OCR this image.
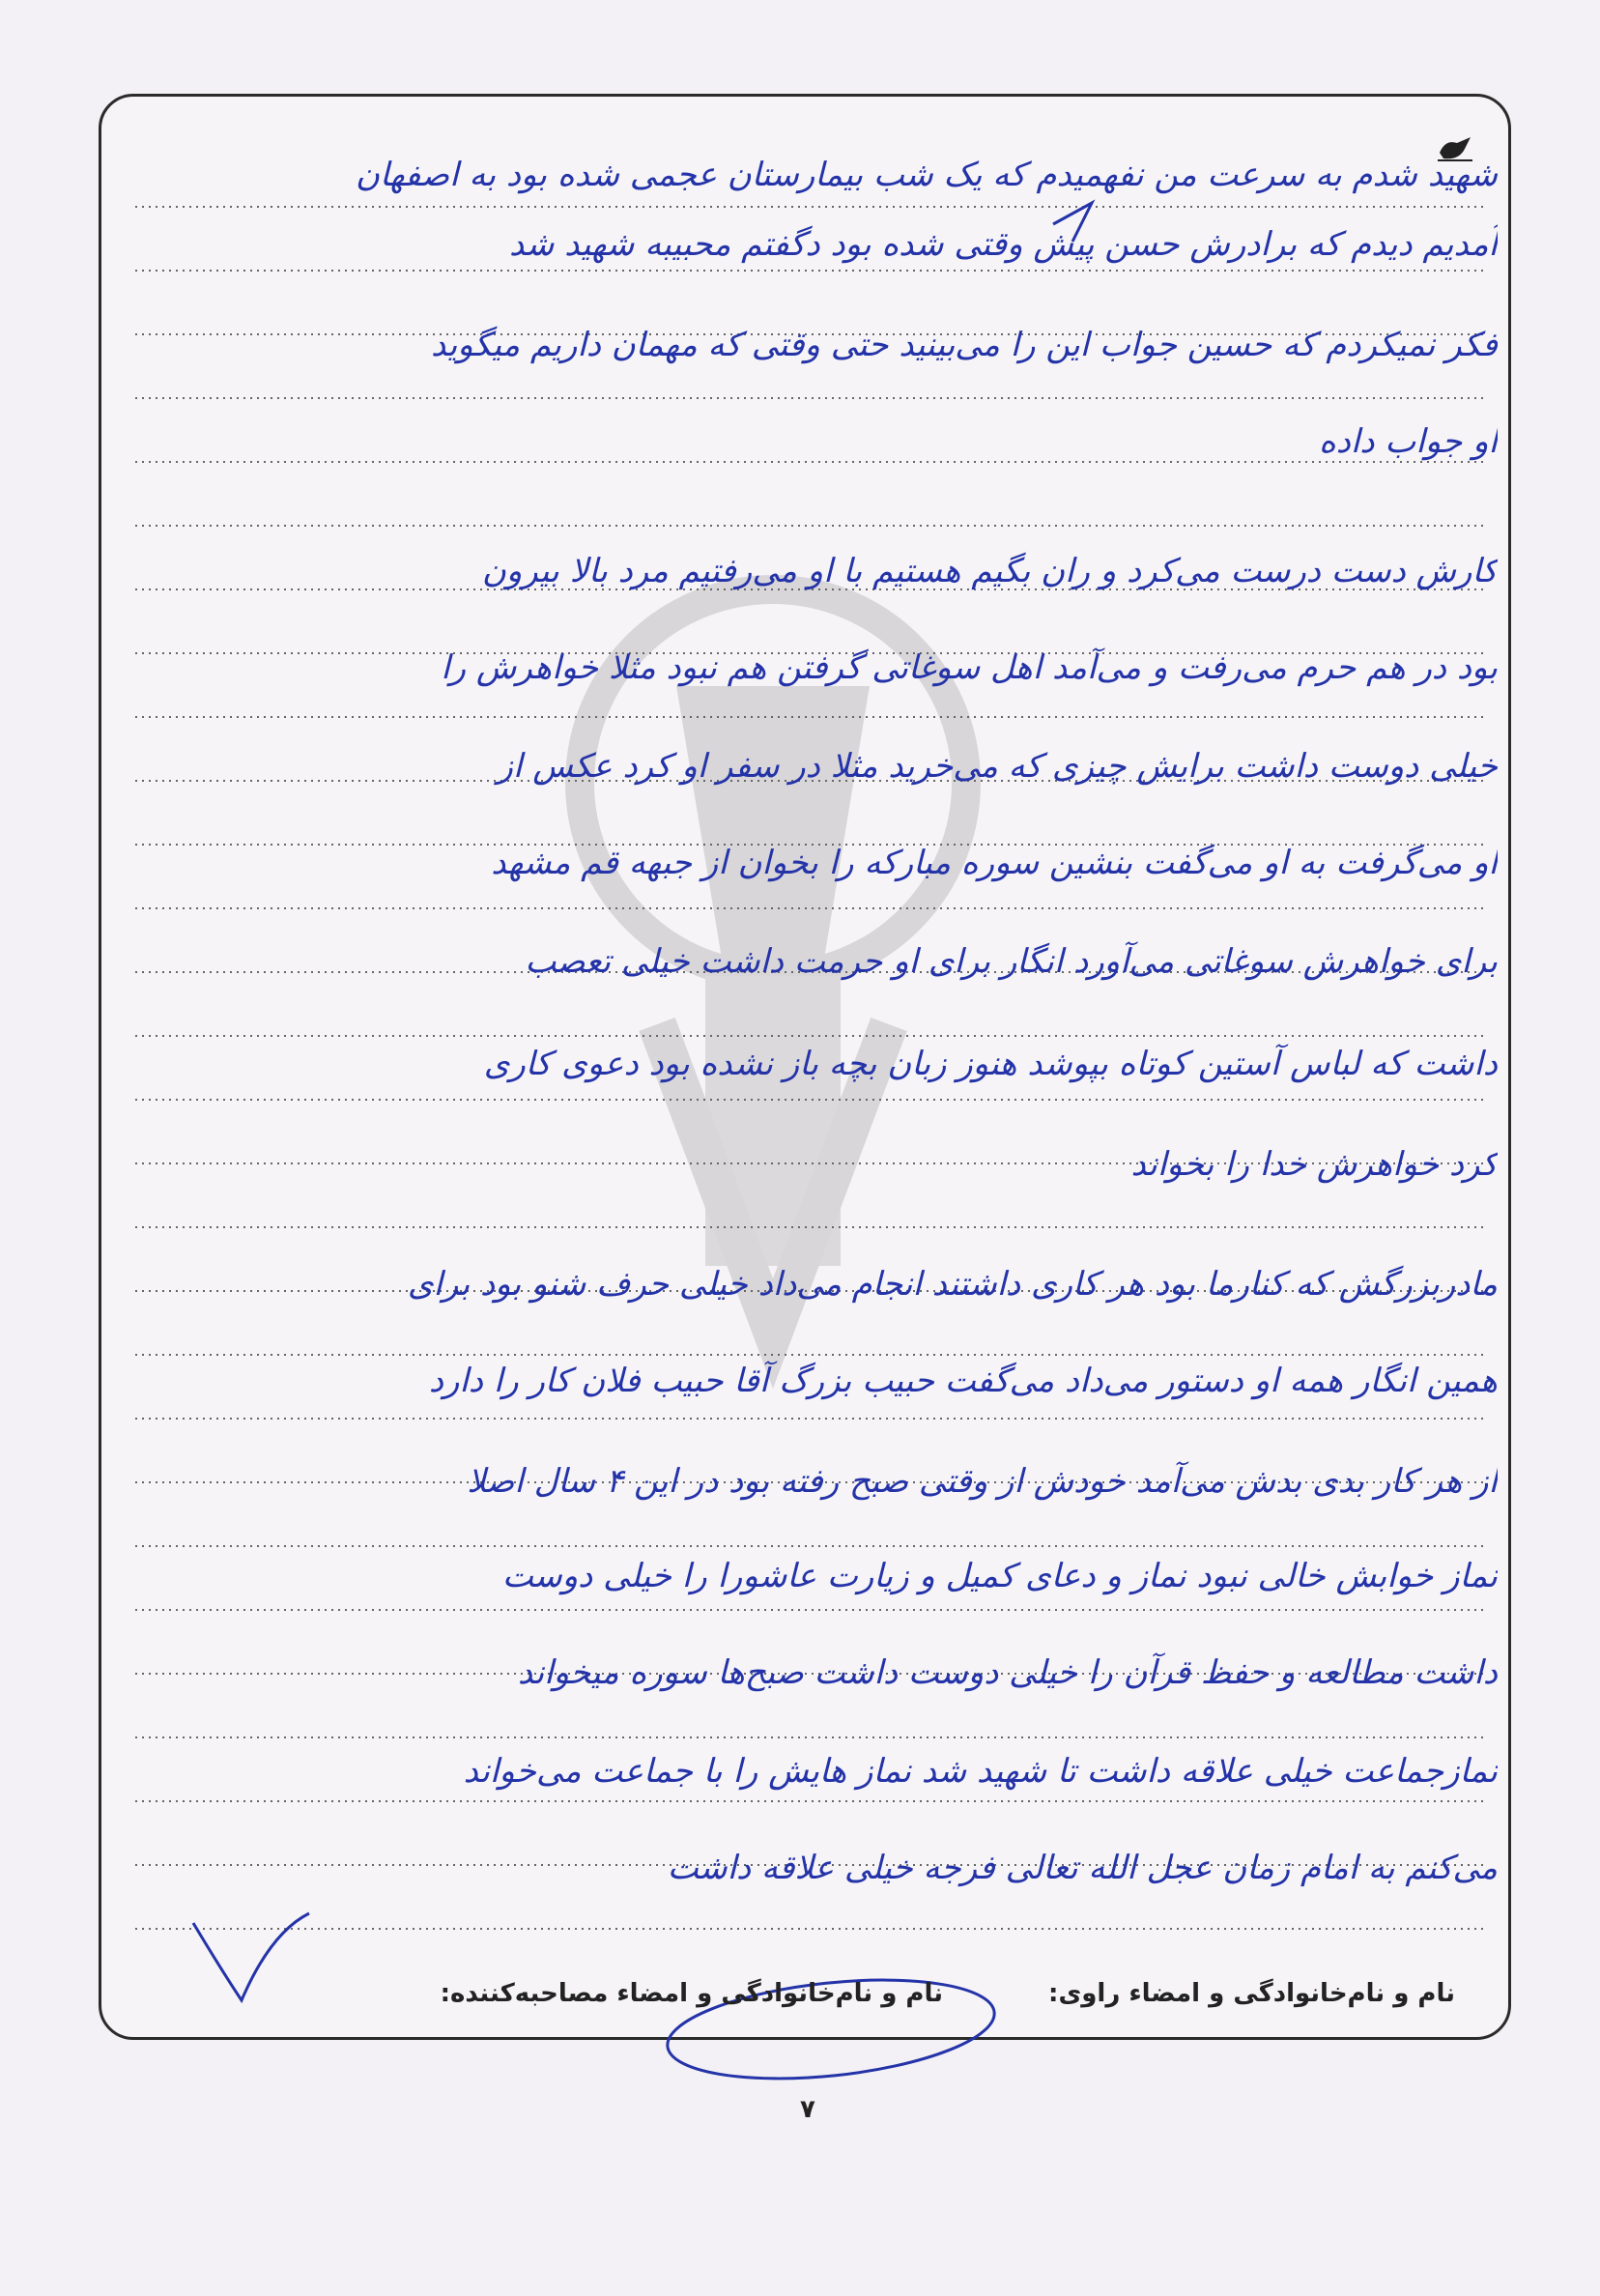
شهید شدم به سرعت من نفهمیدم که یک شب بیمارستان عجمی شده بود به اصفهان
آمدیم دیدم که برادرش حسن پیش وقتی شده بود دگفتم محبیبه شهید شد
فکر نمیکردم که حسین جواب این را می‌بینید حتی وقتی که مهمان داریم میگوید
او جواب داده
کارش دست درست می‌کرد و ران بگیم هستیم با او می‌رفتیم مرد بالا بیرون
بود در هم حرم می‌رفت و می‌آمد اهل سوغاتی گرفتن هم نبود مثلا خواهرش را
خیلی دوست داشت برایش چیزی که می‌خرید مثلا در سفر او کرد عکس از
او می‌گرفت به او می‌گفت بنشین سوره مبارکه را بخوان از جبهه قم مشهد
برای خواهرش سوغاتی می‌آورد انگار برای او حرمت داشت خیلی تعصب
داشت که لباس آستین کوتاه بپوشد هنوز زبان بچه باز نشده بود دعوی کاری
کرد خواهرش خدا را بخواند
مادربزرگش که کنارما بود هر کاری داشتند انجام می‌داد خیلی حرف شنو بود برای
همین انگار همه او دستور می‌داد می‌گفت حبیب بزرگ آقا حبیب فلان کار را دارد
از هر کار بدی بدش می‌آمد خودش از وقتی صبح رفته بود در این ۴ سال اصلا
نماز خوابش خالی نبود نماز و دعای کمیل و زیارت عاشورا را خیلی دوست
داشت مطالعه و حفظ قرآن را خیلی دوست داشت صبح‌ها سوره میخواند
نمازجماعت خیلی علاقه داشت تا شهید شد نماز هایش را با جماعت می‌خواند
می‌کنم به امام زمان عجل الله تعالی فرجه خیلی علاقه داشت
نام و نام‌خانوادگی و امضاء راوی:
نام و نام‌خانوادگی و امضاء مصاحبه‌کننده:
۷
